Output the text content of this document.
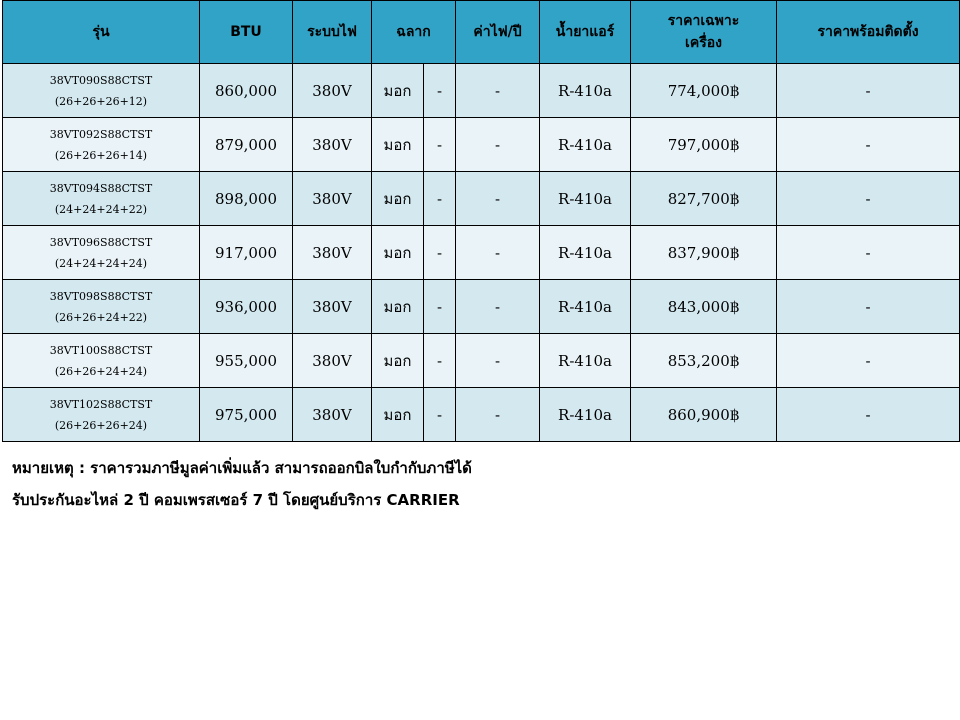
รุ่น	BTU	ระบบไฟ	ฉลาก		ค่าไฟ/ปี	น้ำยาแอร์	ราคาเฉพาะ
เครื่อง	ราคาพร้อมติดตั้ง

38VT090S88CTST
(26+26+26+12)	860,000	380V	มอก	-	-	R-410a	774,000฿	-

38VT092S88CTST
(26+26+26+14)	879,000	380V	มอก	-	-	R-410a	797,000฿	-

38VT094S88CTST
(24+24+24+22)	898,000	380V	มอก	-	-	R-410a	827,700฿	-

38VT096S88CTST
(24+24+24+24)	917,000	380V	มอก	-	-	R-410a	837,900฿	-

38VT098S88CTST
(26+26+24+22)	936,000	380V	มอก	-	-	R-410a	843,000฿	-

38VT100S88CTST
(26+26+24+24)	955,000	380V	มอก	-	-	R-410a	853,200฿	-

38VT102S88CTST
(26+26+26+24)	975,000	380V	มอก	-	-	R-410a	860,900฿	-
หมายเหตุ : ราคารวมภาษีมูลค่าเพิ่มแล้ว สามารถออกบิลใบกำกับภาษีได้
รับประกันอะไหล่ 2 ปี คอมเพรสเซอร์ 7 ปี โดยศูนย์บริการ CARRIER
